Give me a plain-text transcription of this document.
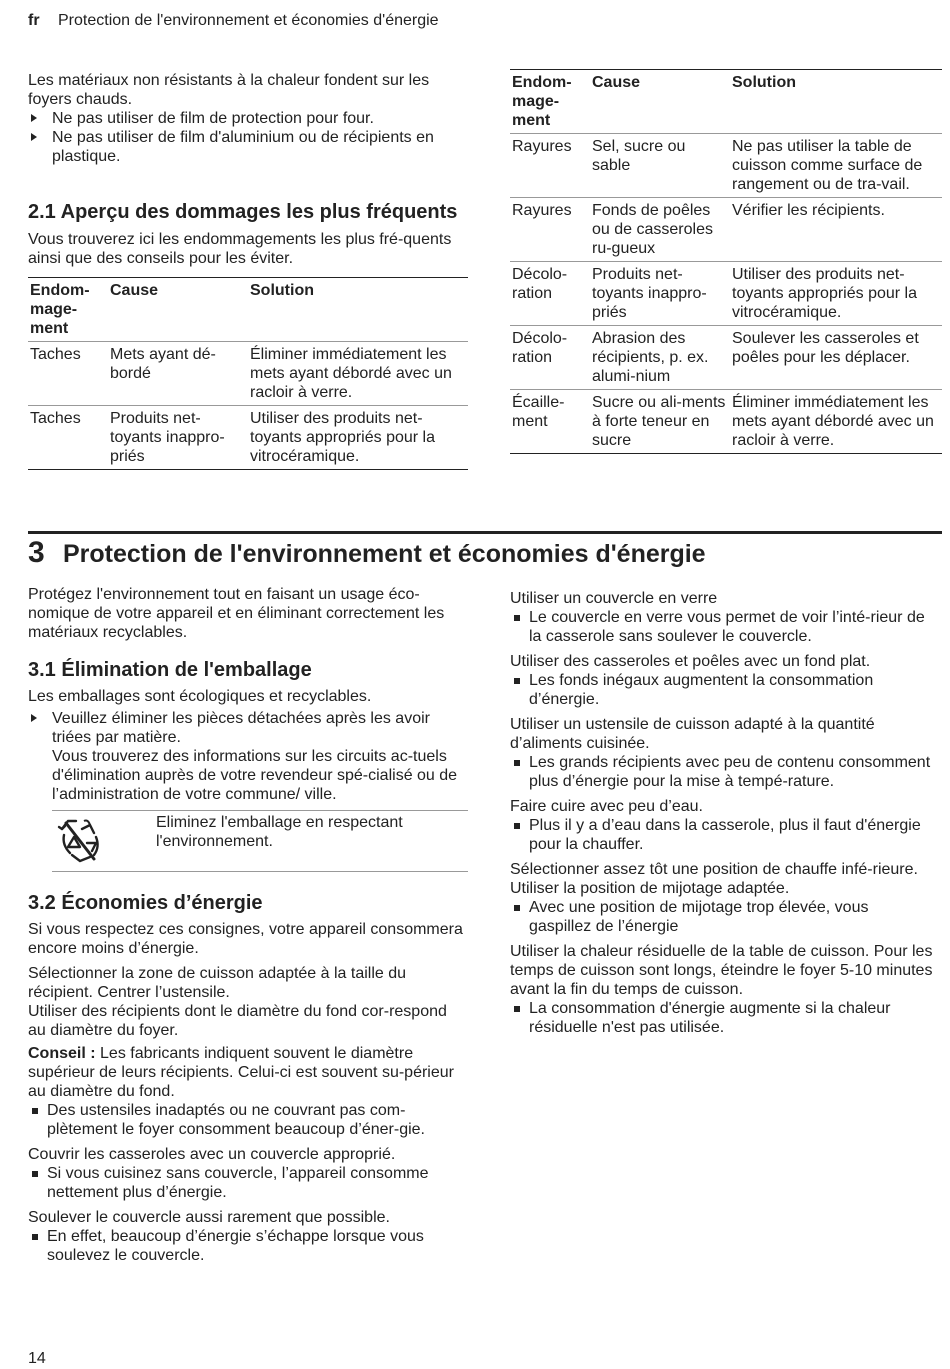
fr Protection de l'environnement et économies d'énergie

Les matériaux non résistants à la chaleur fondent sur les foyers chauds.

Ne pas utiliser de film de protection pour four.

Ne pas utiliser de film d'aluminium ou de récipients en plastique.

2.1 Aperçu des dommages les plus fréquents

Vous trouverez ici les endommagements les plus fré-quents ainsi que des conseils pour les éviter.

Endom-mage-ment	Cause	Solution
Taches	Mets ayant dé-bordé	Éliminer immédiatement les mets ayant débordé avec un racloir à verre.
Taches	Produits net-toyants inappro-priés	Utiliser des produits net-toyants appropriés pour la vitrocéramique.
Endom-mage-ment	Cause	Solution
Rayures	Sel, sucre ou sable	Ne pas utiliser la table de cuisson comme surface de rangement ou de tra-vail.
Rayures	Fonds de poêles ou de casseroles ru-gueux	Vérifier les récipients.
Décolo-ration	Produits net-toyants inappro-priés	Utiliser des produits net-toyants appropriés pour la vitrocéramique.
Décolo-ration	Abrasion des récipients, p. ex. alumi-nium	Soulever les casseroles et poêles pour les déplacer.
Écaille-ment	Sucre ou ali-ments à forte teneur en sucre	Éliminer immédiatement les mets ayant débordé avec un racloir à verre.
3 Protection de l'environnement et économies d'énergie

Protégez l'environnement tout en faisant un usage éco-nomique de votre appareil et en éliminant correctement les matériaux recyclables.

3.1 Élimination de l'emballage

Les emballages sont écologiques et recyclables.

Veuillez éliminer les pièces détachées après les avoir triées par matière.

Vous trouverez des informations sur les circuits ac-tuels d'élimination auprès de votre revendeur spé-cialisé ou de l’administration de votre commune/ ville.

Eliminez l'emballage en respectant l'environnement.

3.2 Économies d’énergie

Si vous respectez ces consignes, votre appareil consommera encore moins d’énergie.

Sélectionner la zone de cuisson adaptée à la taille du récipient. Centrer l’ustensile.

Utiliser des récipients dont le diamètre du fond cor-respond au diamètre du foyer.

Conseil : Les fabricants indiquent souvent le diamètre supérieur de leurs récipients. Celui-ci est souvent su-périeur au diamètre du fond.

Des ustensiles inadaptés ou ne couvrant pas com-plètement le foyer consomment beaucoup d’éner-gie.

Couvrir les casseroles avec un couvercle approprié.

Si vous cuisinez sans couvercle, l’appareil consomme nettement plus d’énergie.

Soulever le couvercle aussi rarement que possible.

En effet, beaucoup d’énergie s’échappe lorsque vous soulevez le couvercle.

Utiliser un couvercle en verre

Le couvercle en verre vous permet de voir l’inté-rieur de la casserole sans soulever le couvercle.

Utiliser des casseroles et poêles avec un fond plat.

Les fonds inégaux augmentent la consommation d’énergie.

Utiliser un ustensile de cuisson adapté à la quantité d’aliments cuisinée.

Les grands récipients avec peu de contenu consomment plus d’énergie pour la mise à tempé-rature.

Faire cuire avec peu d’eau.

Plus il y a d’eau dans la casserole, plus il faut d'énergie pour la chauffer.

Sélectionner assez tôt une position de chauffe infé-rieure. Utiliser la position de mijotage adaptée.

Avec une position de mijotage trop élevée, vous gaspillez de l’énergie

Utiliser la chaleur résiduelle de la table de cuisson. Pour les temps de cuisson sont longs, éteindre le foyer 5-10 minutes avant la fin du temps de cuisson.

La consommation d'énergie augmente si la chaleur résiduelle n'est pas utilisée.

14
